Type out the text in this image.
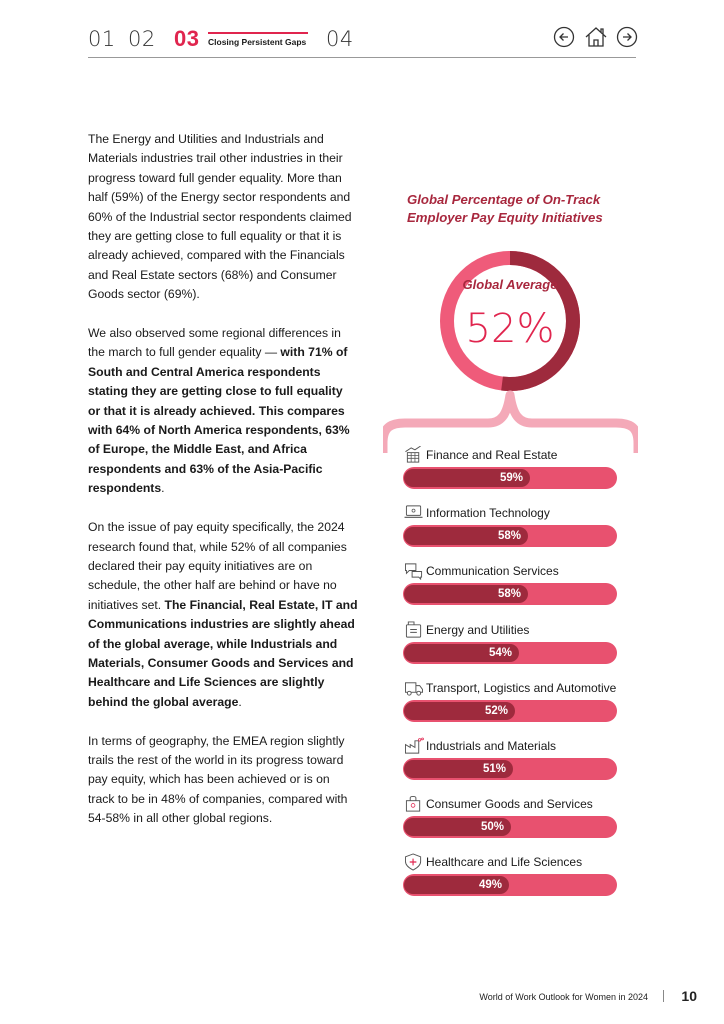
01 02 03 Closing Persistent Gaps 04

The Energy and Utilities and Industrials and Materials industries trail other industries in their progress toward full gender equality. More than half (59%) of the Energy sector respondents and 60% of the Industrial sector respondents claimed they are getting close to full equality or that it is already achieved, compared with the Financials and Real Estate sectors (68%) and Consumer Goods sector (69%).

We also observed some regional differences in the march to full gender equality — with 71% of South and Central America respondents stating they are getting close to full equality or that it is already achieved. This compares with 64% of North America respondents, 63% of Europe, the Middle East, and Africa respondents and 63% of the Asia-Pacific respondents.

On the issue of pay equity specifically, the 2024 research found that, while 52% of all companies declared their pay equity initiatives are on schedule, the other half are behind or have no initiatives set. The Financial, Real Estate, IT and Communications industries are slightly ahead of the global average, while Industrials and Materials, Consumer Goods and Services and Healthcare and Life Sciences are slightly behind the global average.

In terms of geography, the EMEA region slightly trails the rest of the world in its progress toward pay equity, which has been achieved or is on track to be in 48% of companies, compared with 54-58% in all other global regions.

Global Percentage of On-Track Employer Pay Equity Initiatives
Global Average
52%
Finance and Real Estate
59%
Information Technology
58%
Communication Services
58%
Energy and Utilities
54%
Transport, Logistics and Automotive
52%
Industrials and Materials
51%
Consumer Goods and Services
50%
Healthcare and Life Sciences
49%
World of Work Outlook for Women in 2024 10
